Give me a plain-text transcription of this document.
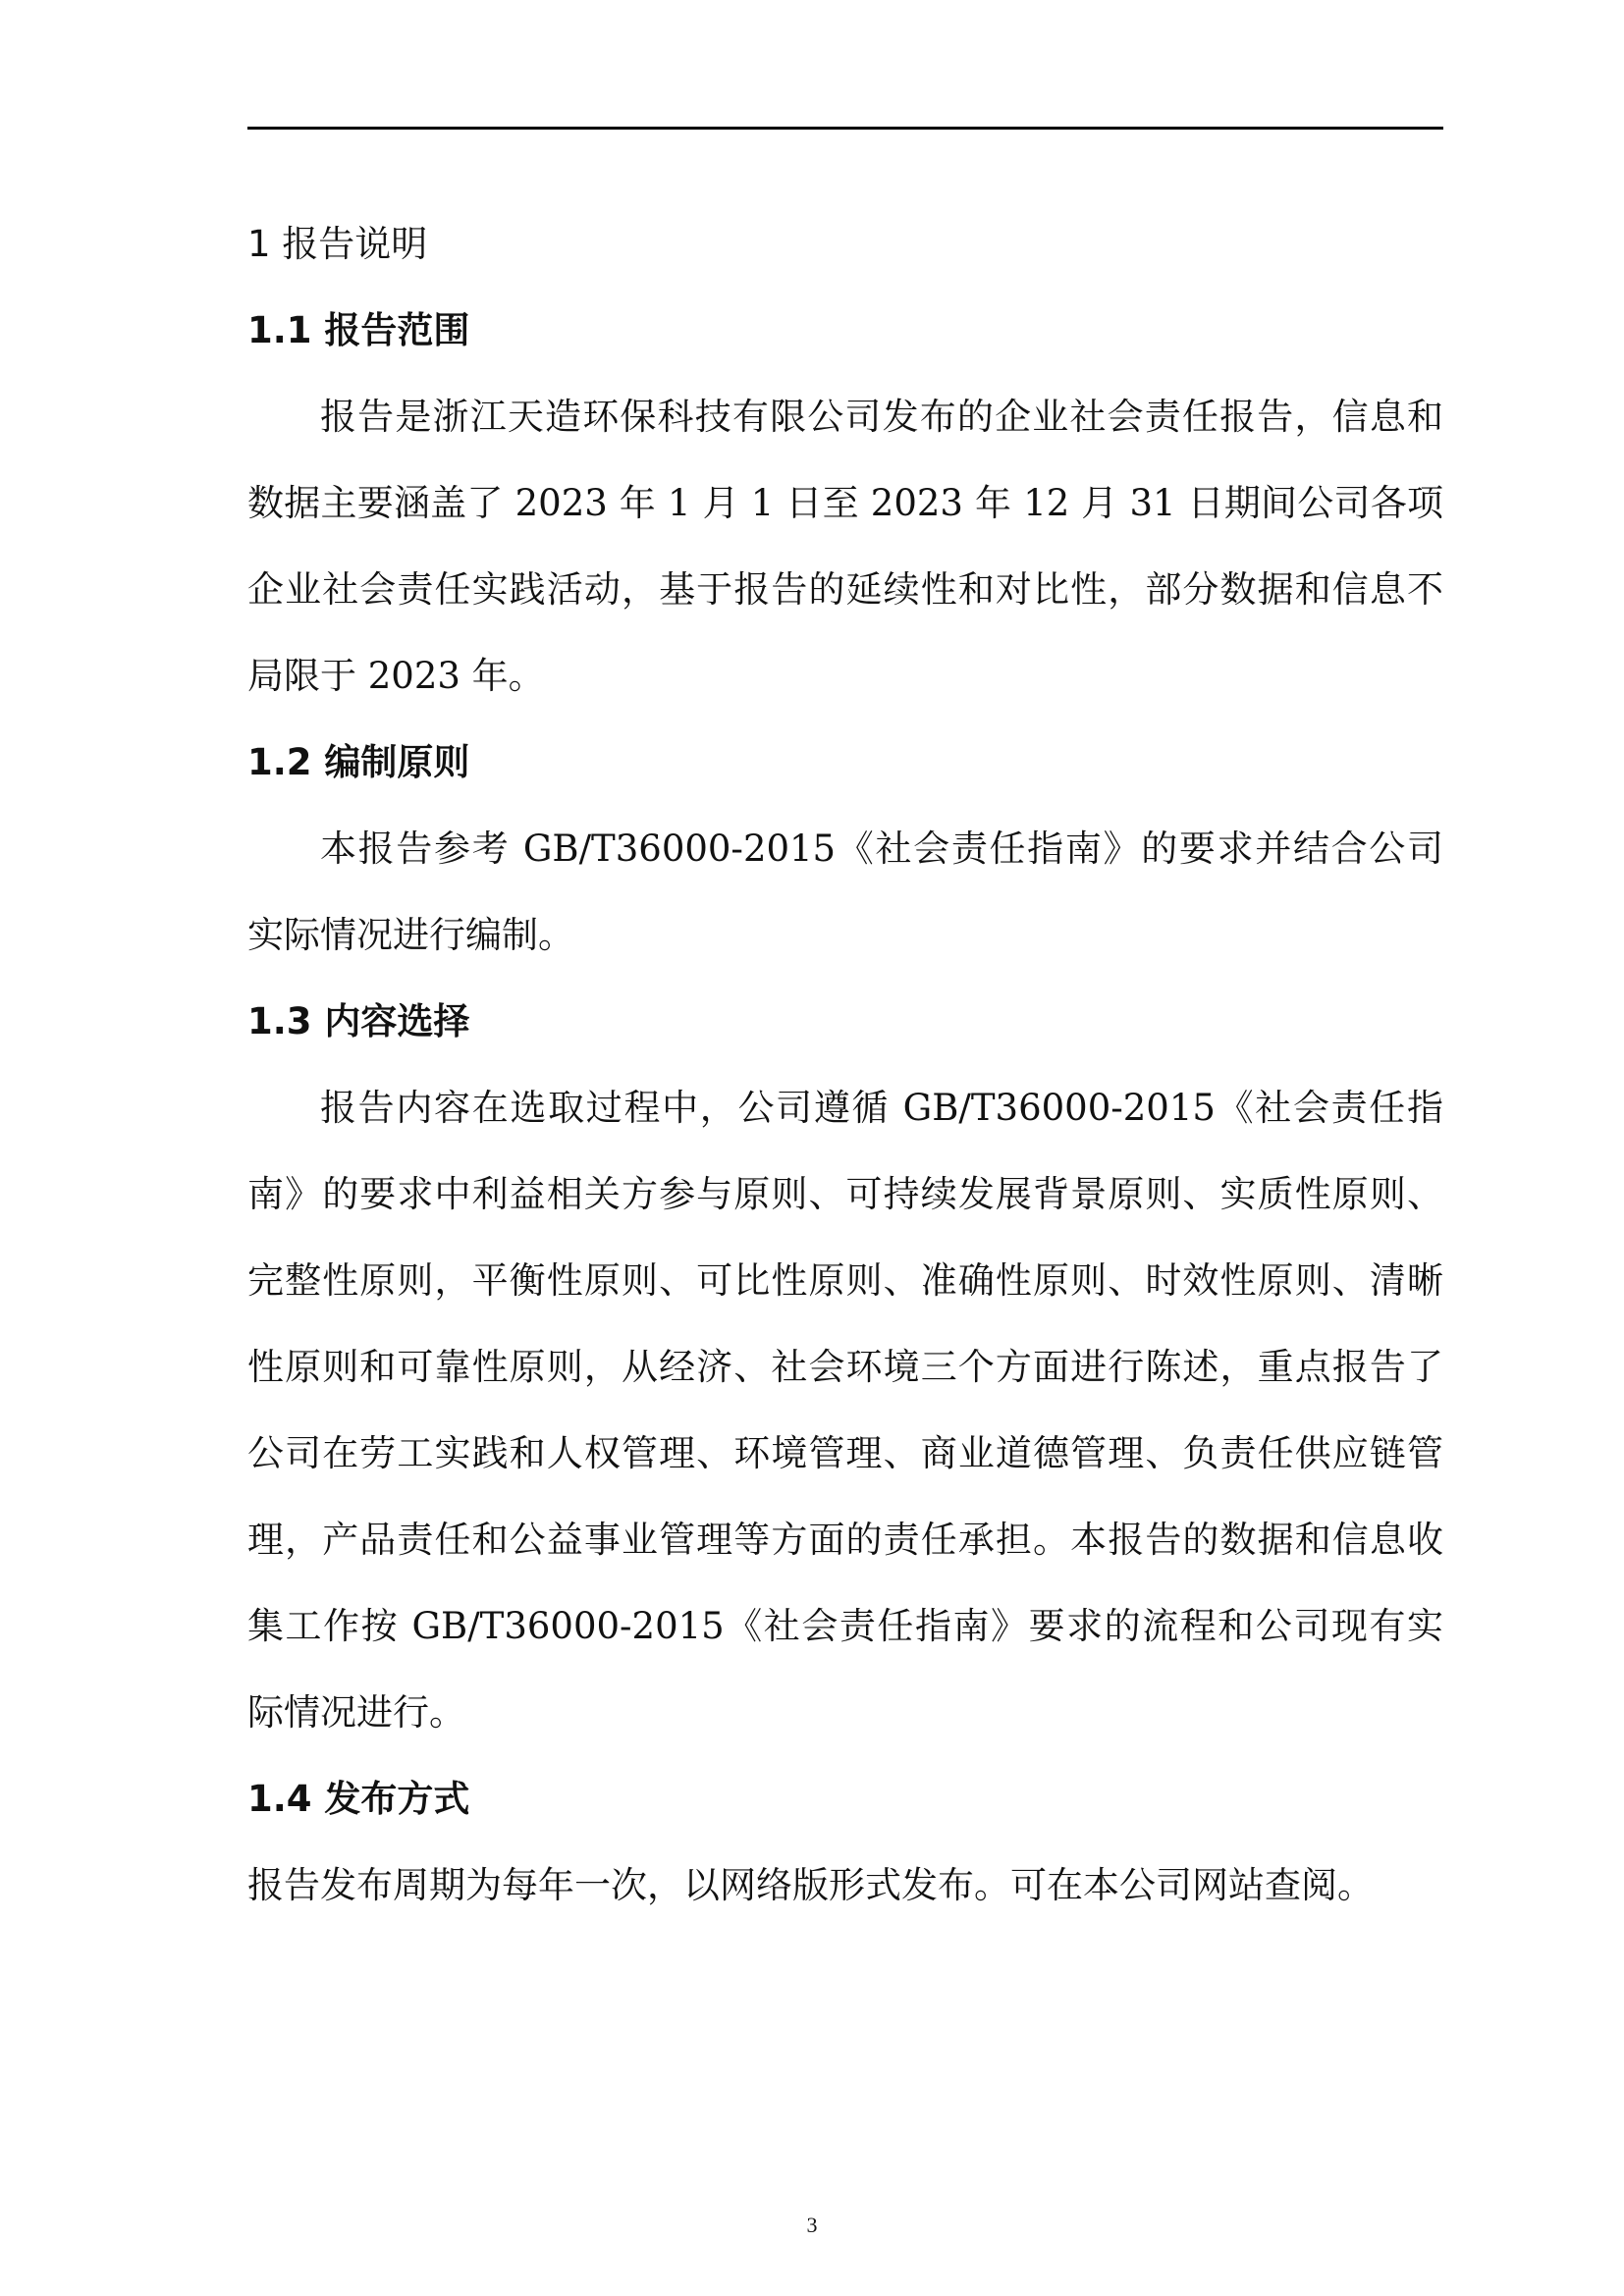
1 报告说明
1.1 报告范围

报告是浙江天造环保科技有限公司发布的企业社会责任报告，信息和数据主要涵盖了 2023 年 1 月 1 日至 2023 年 12 月 31 日期间公司各项企业社会责任实践活动，基于报告的延续性和对比性，部分数据和信息不局限于 2023 年。

1.2 编制原则

本报告参考 GB/T36000-2015《社会责任指南》的要求并结合公司实际情况进行编制。

1.3 内容选择

报告内容在选取过程中，公司遵循 GB/T36000-2015《社会责任指南》的要求中利益相关方参与原则、可持续发展背景原则、实质性原则、完整性原则，平衡性原则、可比性原则、准确性原则、时效性原则、清晰性原则和可靠性原则，从经济、社会环境三个方面进行陈述，重点报告了公司在劳工实践和人权管理、环境管理、商业道德管理、负责任供应链管理，产品责任和公益事业管理等方面的责任承担。本报告的数据和信息收集工作按 GB/T36000-2015《社会责任指南》要求的流程和公司现有实际情况进行。

1.4 发布方式

报告发布周期为每年一次，以网络版形式发布。可在本公司网站查阅。

3
